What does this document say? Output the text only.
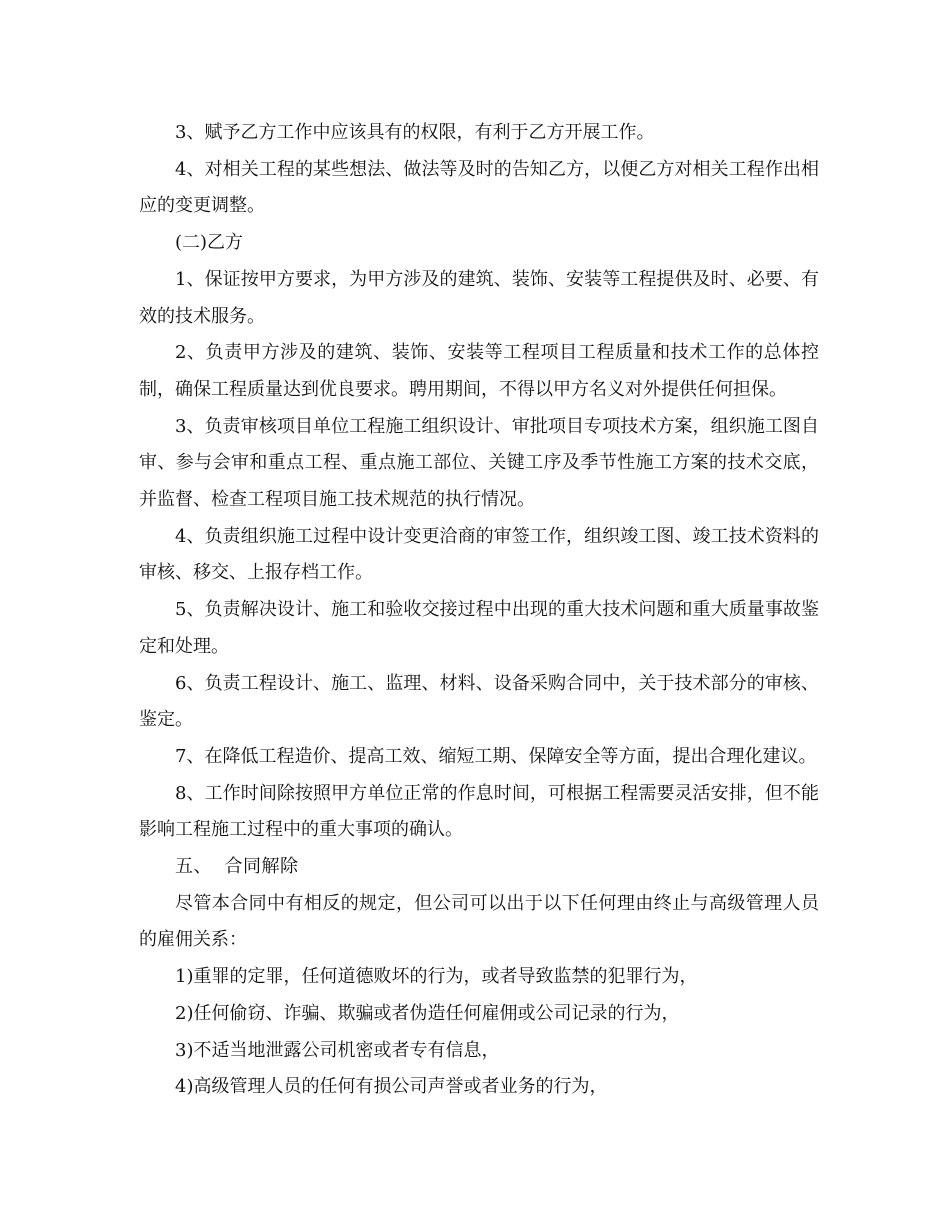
3、赋予乙方工作中应该具有的权限，有利于乙方开展工作。

4、对相关工程的某些想法、做法等及时的告知乙方，以便乙方对相关工程作出相应的变更调整。

(二)乙方

1、保证按甲方要求，为甲方涉及的建筑、装饰、安装等工程提供及时、必要、有效的技术服务。

2、负责甲方涉及的建筑、装饰、安装等工程项目工程质量和技术工作的总体控制，确保工程质量达到优良要求。聘用期间，不得以甲方名义对外提供任何担保。

3、负责审核项目单位工程施工组织设计、审批项目专项技术方案，组织施工图自审、参与会审和重点工程、重点施工部位、关键工序及季节性施工方案的技术交底，并监督、检查工程项目施工技术规范的执行情况。

4、负责组织施工过程中设计变更洽商的审签工作，组织竣工图、竣工技术资料的审核、移交、上报存档工作。

5、负责解决设计、施工和验收交接过程中出现的重大技术问题和重大质量事故鉴定和处理。

6、负责工程设计、施工、监理、材料、设备采购合同中，关于技术部分的审核、鉴定。

7、在降低工程造价、提高工效、缩短工期、保障安全等方面，提出合理化建议。

8、工作时间除按照甲方单位正常的作息时间，可根据工程需要灵活安排，但不能影响工程施工过程中的重大事项的确认。

五、  合同解除

尽管本合同中有相反的规定，但公司可以出于以下任何理由终止与高级管理人员的雇佣关系：

1)重罪的定罪，任何道德败坏的行为，或者导致监禁的犯罪行为，

2)任何偷窃、诈骗、欺骗或者伪造任何雇佣或公司记录的行为，

3)不适当地泄露公司机密或者专有信息，

4)高级管理人员的任何有损公司声誉或者业务的行为，
